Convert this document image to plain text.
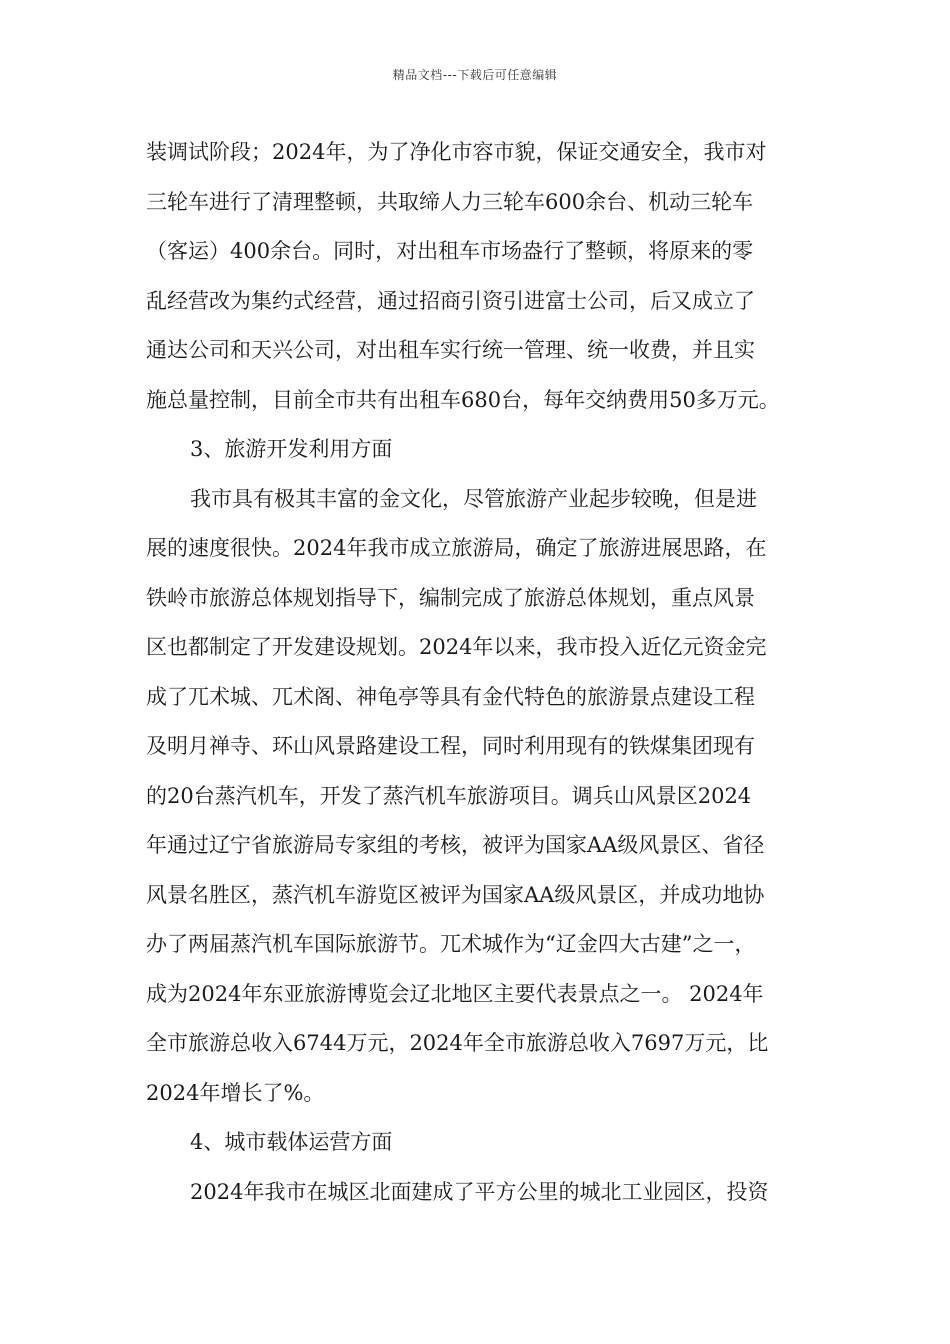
精品文档---下载后可任意编辑
装调试阶段；2024年，为了净化市容市貌，保证交通安全，我市对
三轮车进行了清理整顿，共取缔人力三轮车600余台、机动三轮车
（客运）400余台。同时，对出租车市场盎行了整顿，将原来的零
乱经营改为集约式经营，通过招商引资引进富士公司，后又成立了
通达公司和天兴公司，对出租车实行统一管理、统一收费，并且实
施总量控制，目前全市共有出租车680台，每年交纳费用50多万元。
3、旅游开发利用方面
我市具有极其丰富的金文化，尽管旅游产业起步较晚，但是进
展的速度很快。2024年我市成立旅游局，确定了旅游进展思路，在
铁岭市旅游总体规划指导下，编制完成了旅游总体规划，重点风景
区也都制定了开发建设规划。2024年以来，我市投入近亿元资金完
成了兀术城、兀术阁、神龟亭等具有金代特色的旅游景点建设工程
及明月禅寺、环山风景路建设工程，同时利用现有的铁煤集团现有
的20台蒸汽机车，开发了蒸汽机车旅游项目。调兵山风景区2024
年通过辽宁省旅游局专家组的考核，被评为国家AA级风景区、省径
风景名胜区，蒸汽机车游览区被评为国家AA级风景区，并成功地协
办了两届蒸汽机车国际旅游节。兀术城作为“辽金四大古建”之一，
成为2024年东亚旅游博览会辽北地区主要代表景点之一。 2024年
全市旅游总收入6744万元，2024年全市旅游总收入7697万元，比
2024年增长了%。
4、城市载体运营方面
2024年我市在城区北面建成了平方公里的城北工业园区，投资
